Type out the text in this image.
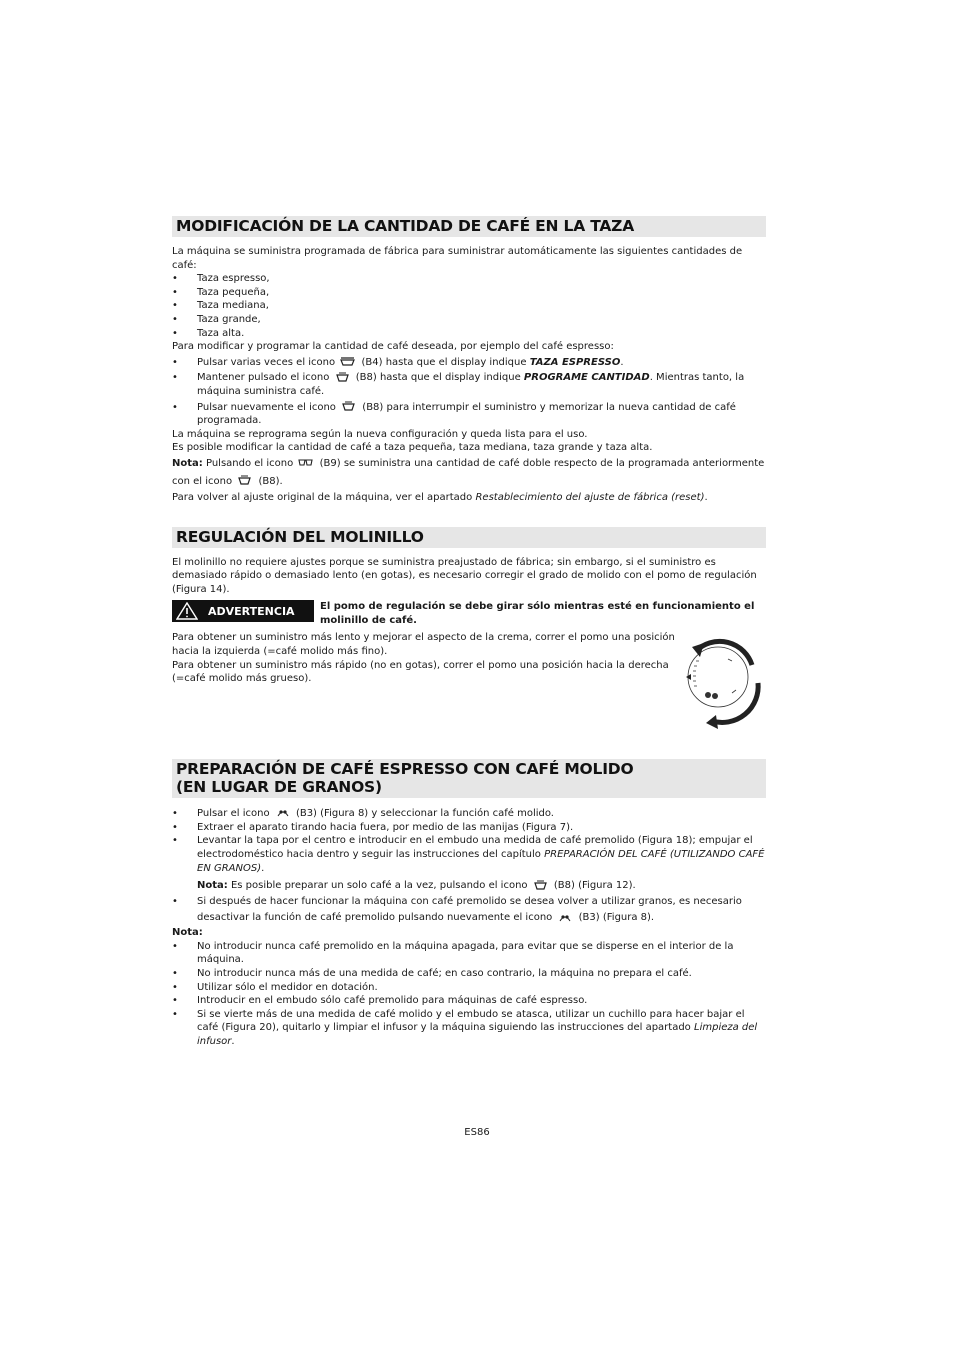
MODIFICACIÓN DE LA CANTIDAD DE CAFÉ EN LA TAZA

La máquina se suministra programada de fábrica para suministrar automáticamente las siguientes cantidades de café:

• Taza espresso,
• Taza pequeña,
• Taza mediana,
• Taza grande,
• Taza alta.

Para modificar y programar la cantidad de café deseada, por ejemplo del café espresso:

• Pulsar varias veces el icono	(B4) hasta que el display indique TAZA ESPRESSO.
• Mantener pulsado el icono	(B8) hasta que el display indique PROGRAME CANTIDAD. Mientras tanto, la máquina suministra café.
• Pulsar nuevamente el icono	(B8) para interrumpir el suministro y memorizar la nueva cantidad de café programada.

La máquina se reprograma según la nueva configuración y queda lista para el uso.

Es posible modificar la cantidad de café a taza pequeña, taza mediana, taza grande y taza alta.

Nota: Pulsando el icono	(B9) se suministra una cantidad de café doble respecto de la programada anteriormente con el icono	(B8).

Para volver al ajuste original de la máquina, ver el apartado Restablecimiento del ajuste de fábrica (reset).

REGULACIÓN DEL MOLINILLO

El molinillo no requiere ajustes porque se suministra preajustado de fábrica; sin embargo, si el suministro es demasiado rápido o demasiado lento (en gotas), es necesario corregir el grado de molido con el pomo de regulación (Figura 14).

ADVERTENCIA	El pomo de regulación se debe girar sólo mientras esté en funcionamiento el molinillo de café.

Para obtener un suministro más lento y mejorar el aspecto de la crema, correr el pomo una posición hacia la izquierda (=café molido más fino).

Para obtener un suministro más rápido (no en gotas), correr el pomo una posición hacia la derecha (=café molido más grueso).

PREPARACIÓN DE CAFÉ ESPRESSO CON CAFÉ MOLIDO
(EN LUGAR DE GRANOS)
• Pulsar el icono	(B3) (Figura 8) y seleccionar la función café molido.
• Extraer el aparato tirando hacia fuera, por medio de las manijas (Figura 7).
• Levantar la tapa por el centro e introducir en el embudo una medida de café premolido (Figura 18); empujar el electrodoméstico hacia dentro y seguir las instrucciones del capítulo PREPARACIÓN DEL CAFÉ (UTILIZANDO CAFÉ EN GRANOS).
Nota: Es posible preparar un solo café a la vez, pulsando el icono	(B8) (Figura 12).
• Si después de hacer funcionar la máquina con café premolido se desea volver a utilizar granos, es necesario desactivar la función de café premolido pulsando nuevamente el icono	(B3) (Figura 8).

Nota:

• No introducir nunca café premolido en la máquina apagada, para evitar que se disperse en el interior de la máquina.
• No introducir nunca más de una medida de café; en caso contrario, la máquina no prepara el café.
• Utilizar sólo el medidor en dotación.
• Introducir en el embudo sólo café premolido para máquinas de café espresso.
• Si se vierte más de una medida de café molido y el embudo se atasca, utilizar un cuchillo para hacer bajar el café (Figura 20), quitarlo y limpiar el infusor y la máquina siguiendo las instrucciones del apartado Limpieza del infusor.
ES86
